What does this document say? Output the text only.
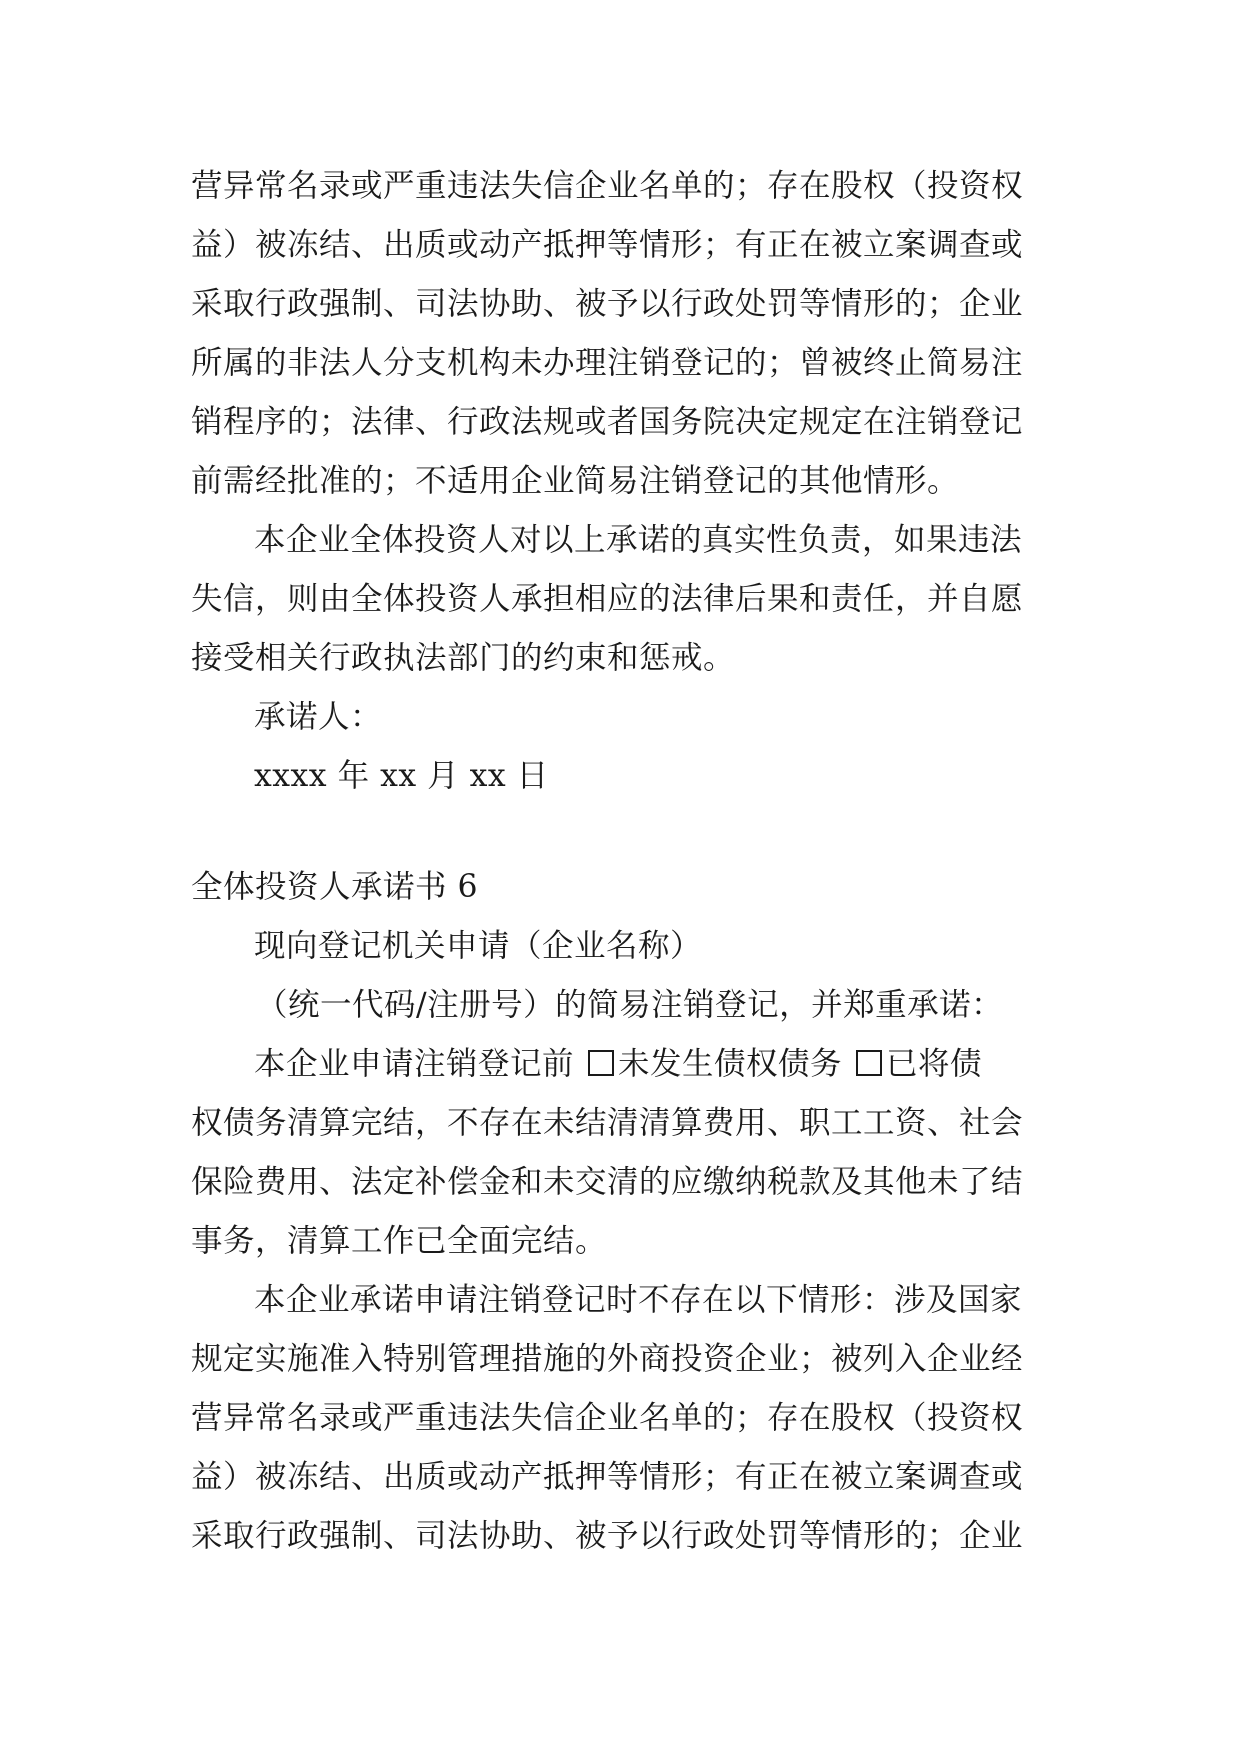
营异常名录或严重违法失信企业名单的；存在股权（投资权
益）被冻结、出质或动产抵押等情形；有正在被立案调查或
采取行政强制、司法协助、被予以行政处罚等情形的；企业
所属的非法人分支机构未办理注销登记的；曾被终止简易注
销程序的；法律、行政法规或者国务院决定规定在注销登记
前需经批准的；不适用企业简易注销登记的其他情形。
本企业全体投资人对以上承诺的真实性负责，如果违法
失信，则由全体投资人承担相应的法律后果和责任，并自愿
接受相关行政执法部门的约束和惩戒。
承诺人：
xxxx 年 xx 月 xx 日
全体投资人承诺书 6
现向登记机关申请（企业名称）
（统一代码/注册号）的简易注销登记，并郑重承诺：
本企业申请注销登记前 未发生债权债务 已将债
权债务清算完结，不存在未结清清算费用、职工工资、社会
保险费用、法定补偿金和未交清的应缴纳税款及其他未了结
事务，清算工作已全面完结。
本企业承诺申请注销登记时不存在以下情形：涉及国家
规定实施准入特别管理措施的外商投资企业；被列入企业经
营异常名录或严重违法失信企业名单的；存在股权（投资权
益）被冻结、出质或动产抵押等情形；有正在被立案调查或
采取行政强制、司法协助、被予以行政处罚等情形的；企业
